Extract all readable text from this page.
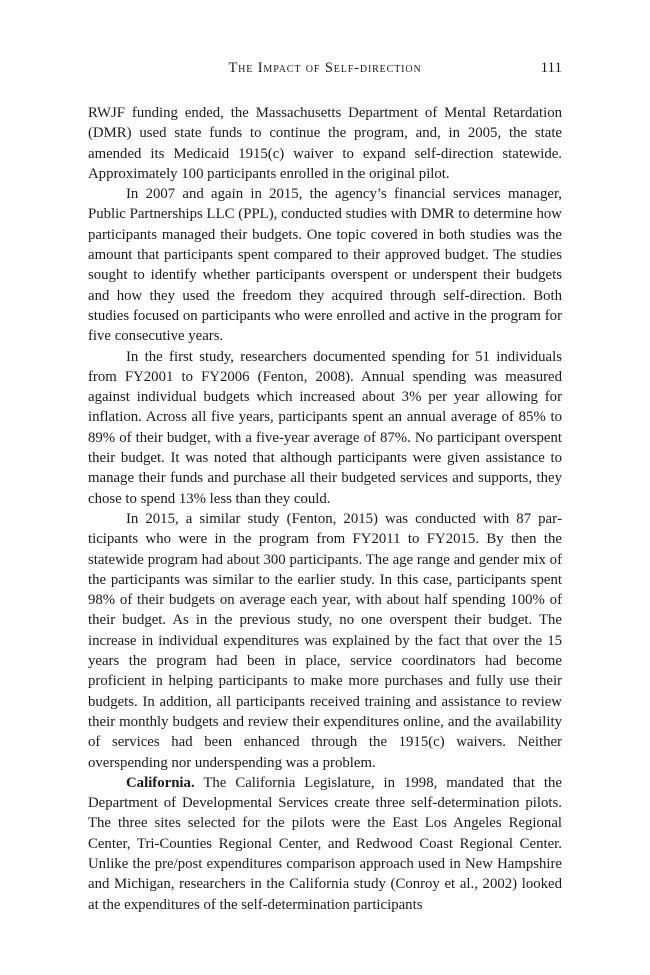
The Impact of Self-direction	111

RWJF funding ended, the Massachusetts Department of Mental Retardation (DMR) used state funds to continue the program, and, in 2005, the state amended its Medicaid 1915(c) waiver to expand self-direction statewide. Approximately 100 participants enrolled in the original pilot.

In 2007 and again in 2015, the agency’s financial services manager, Public Partnerships LLC (PPL), conducted studies with DMR to determine how participants managed their budgets. One topic covered in both studies was the amount that participants spent compared to their approved budget. The studies sought to identify whether participants overspent or underspent their budgets and how they used the freedom they acquired through self-direction. Both studies focused on participants who were enrolled and active in the program for five consecutive years.

In the first study, researchers documented spending for 51 individuals from FY2001 to FY2006 (Fenton, 2008). Annual spending was measured against individual budgets which increased about 3% per year allowing for inflation. Across all five years, participants spent an annual average of 85% to 89% of their budget, with a five-year average of 87%. No participant overspent their budget. It was noted that although participants were given assistance to manage their funds and purchase all their budgeted services and supports, they chose to spend 13% less than they could.

In 2015, a similar study (Fenton, 2015) was conducted with 87 participants who were in the program from FY2011 to FY2015. By then the statewide program had about 300 participants. The age range and gender mix of the participants was similar to the earlier study. In this case, participants spent 98% of their budgets on average each year, with about half spending 100% of their budget. As in the previous study, no one overspent their budget. The increase in individual expenditures was explained by the fact that over the 15 years the program had been in place, service coordinators had become proficient in helping participants to make more purchases and fully use their budgets. In addition, all participants received training and assistance to review their monthly budgets and review their expenditures online, and the availability of services had been enhanced through the 1915(c) waivers. Neither overspending nor underspending was a problem.

California. The California Legislature, in 1998, mandated that the Department of Developmental Services create three self-determination pilots. The three sites selected for the pilots were the East Los Angeles Regional Center, Tri-Counties Regional Center, and Redwood Coast Regional Center. Unlike the pre/post expenditures comparison approach used in New Hampshire and Michigan, researchers in the California study (Conroy et al., 2002) looked at the expenditures of the self-determination participants
